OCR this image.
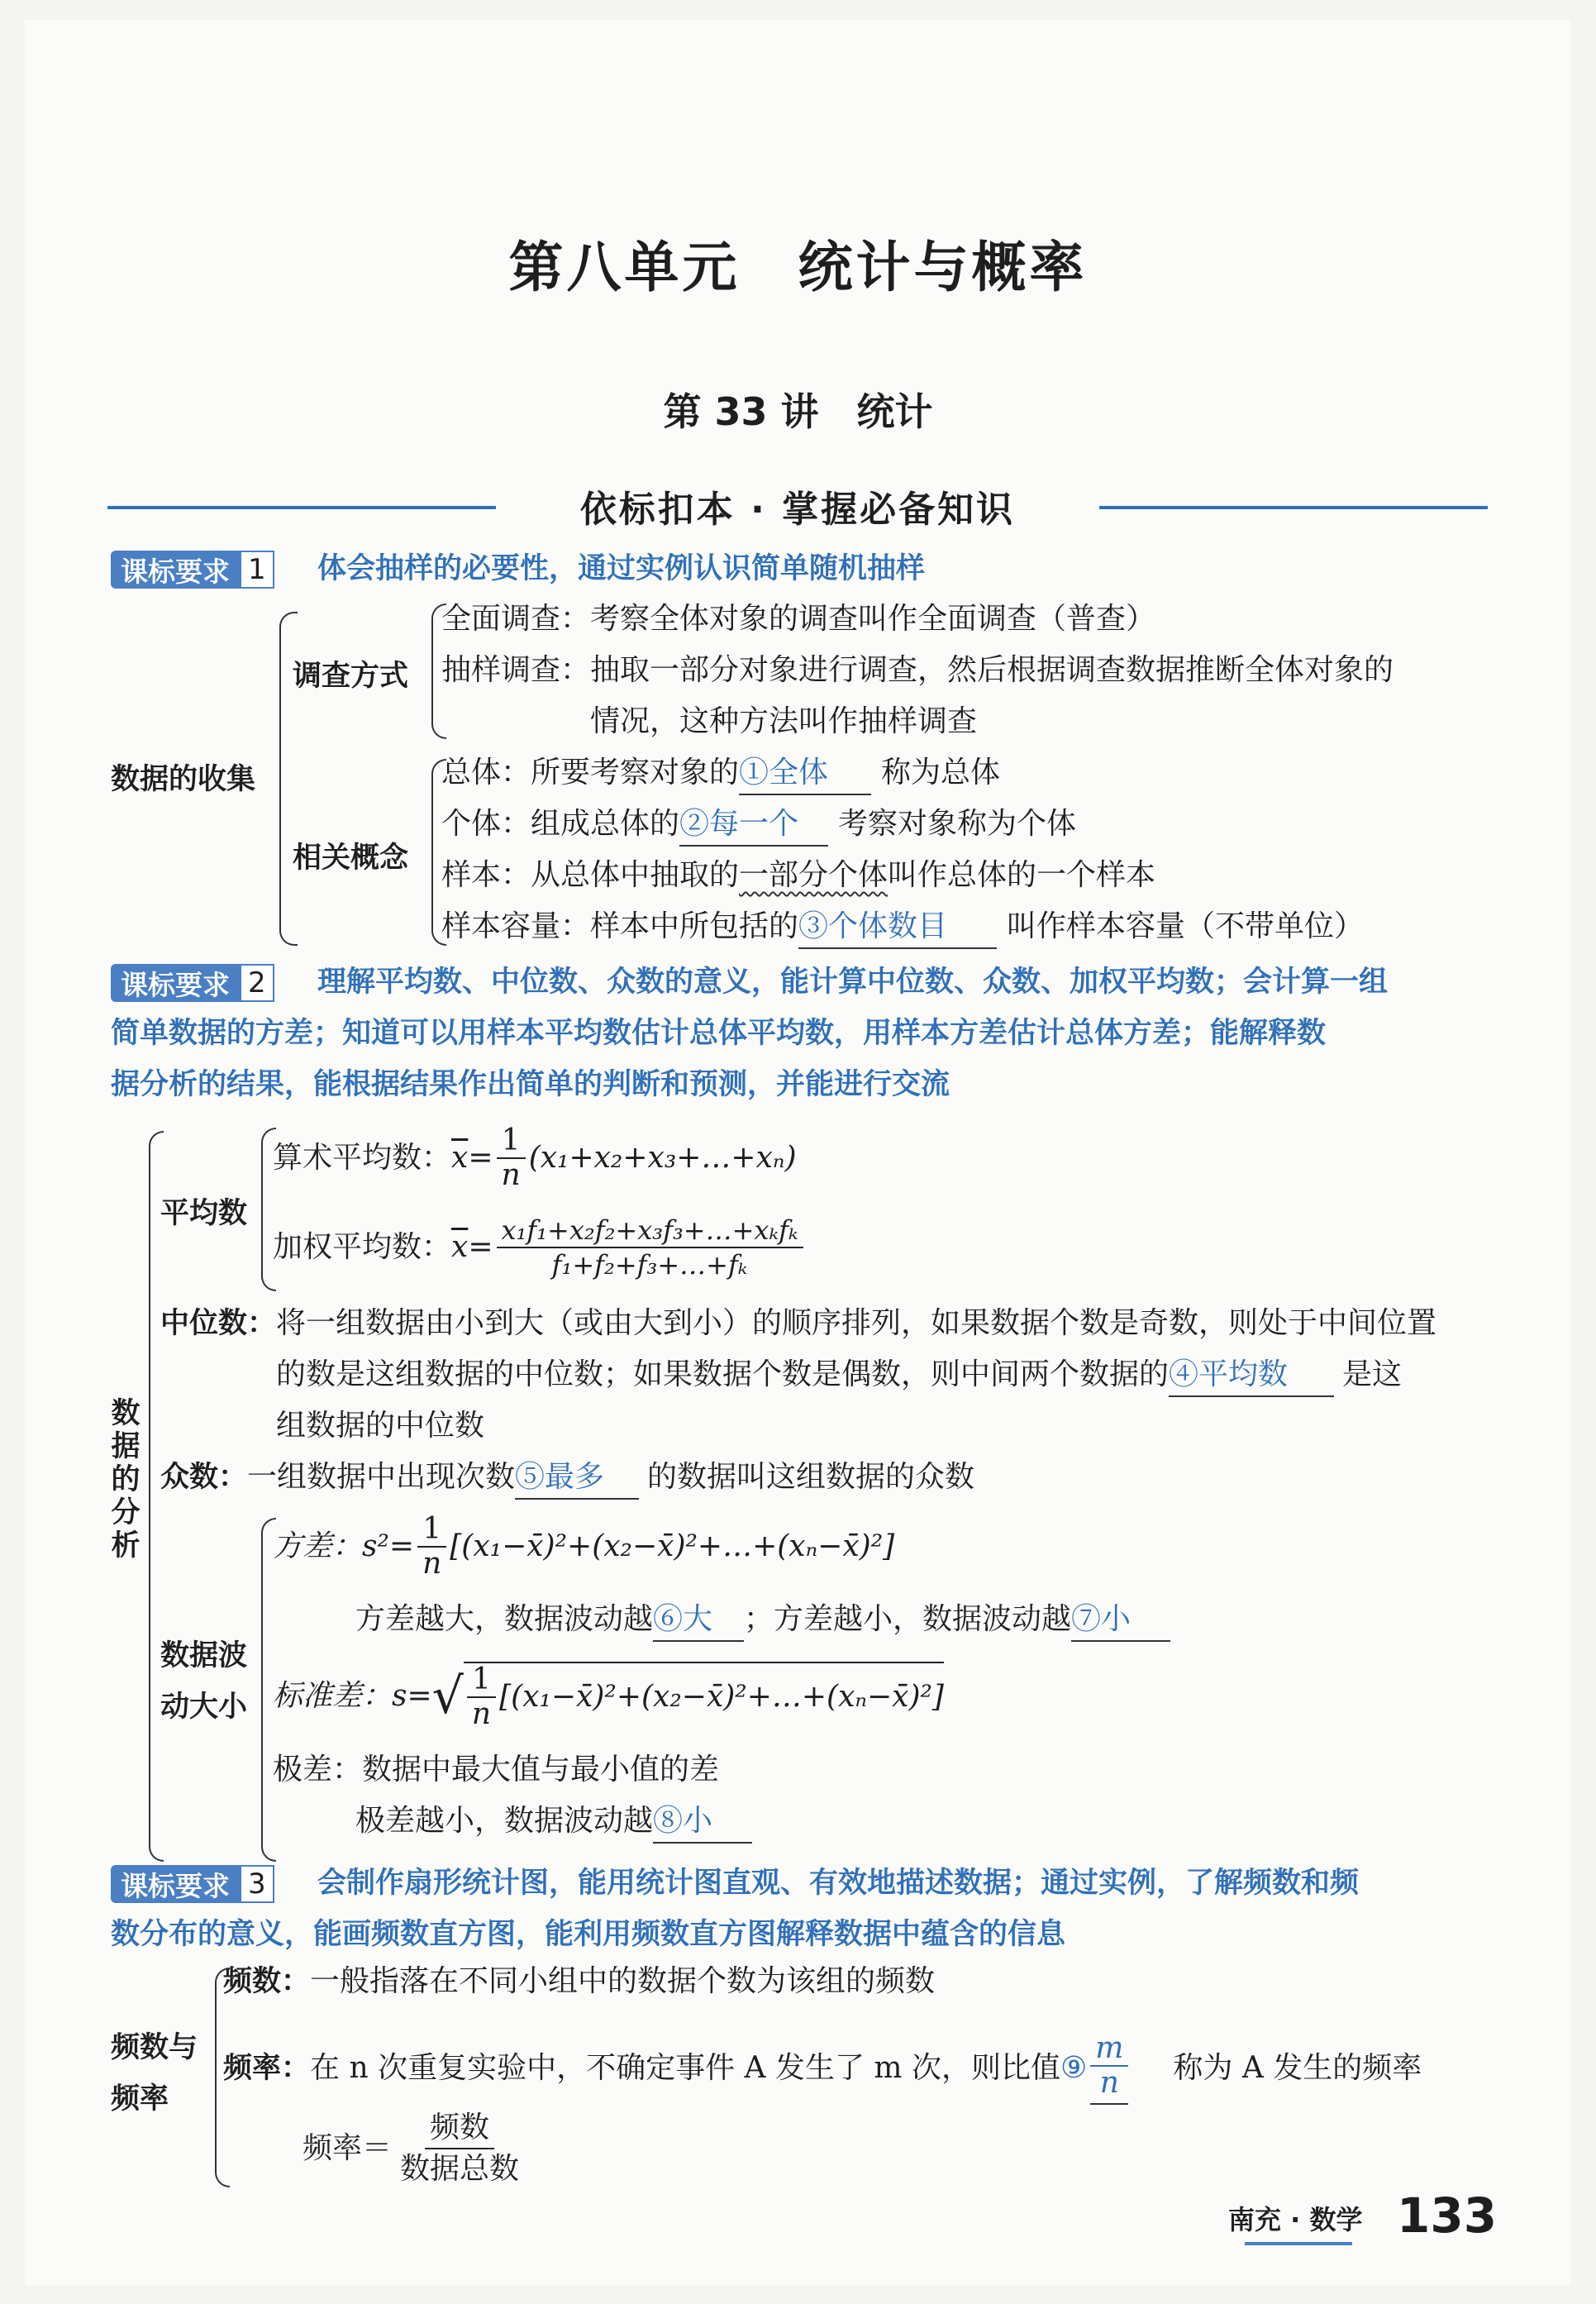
第八单元　统计与概率
第 33 讲　统计
依标扣本 · 掌握必备知识
课标要求 1 体会抽样的必要性，通过实例认识简单随机抽样
数据的收集
调查方式
全面调查：考察全体对象的调查叫作全面调查（普查）
抽样调查：抽取一部分对象进行调查，然后根据调查数据推断全体对象的
情况，这种方法叫作抽样调查
相关概念
总体：所要考察对象的①全体 称为总体
个体：组成总体的②每一个 考察对象称为个体
样本：从总体中抽取的一部分个体叫作总体的一个样本
样本容量：样本中所包括的③个体数目 叫作样本容量（不带单位）
课标要求 2 理解平均数、中位数、众数的意义，能计算中位数、众数、加权平均数；会计算一组
简单数据的方差；知道可以用样本平均数估计总体平均数，用样本方差估计总体方差；能解释数
据分析的结果，能根据结果作出简单的判断和预测，并能进行交流
数
据
的
分
析
平均数
算术平均数： $\overline{x} = \frac{1}{n}$ (x₁+x₂+x₃+…+xₙ)
加权平均数： $\overline{x} = \frac{\text{x₁f₁+x₂f₂+x₃f₃+…+xₖfₖ}}{\text{f₁+f₂+f₃+…+fₖ}}$
中位数：将一组数据由小到大（或由大到小）的顺序排列，如果数据个数是奇数，则处于中间位置
的数是这组数据的中位数；如果数据个数是偶数，则中间两个数据的④平均数 是这
组数据的中位数
众数：一组数据中出现次数⑤最多 的数据叫这组数据的众数
数据波
动大小
方差：$s^2= \frac{1}{n}$ [(x₁−x̄)²+(x₂−x̄)²+…+(xₙ−x̄)²]
方差越大，数据波动越⑥大 ；方差越小，数据波动越⑦小
标准差：s= √ $\frac{1}{n}$ [(x₁−x̄)²+(x₂−x̄)²+…+(xₙ−x̄)²]
极差：数据中最大值与最小值的差
极差越小，数据波动越⑧小
课标要求 3 会制作扇形统计图，能用统计图直观、有效地描述数据；通过实例，了解频数和频
数分布的意义，能画频数直方图，能利用频数直方图解释数据中蕴含的信息
频数与
频率
频数：一般指落在不同小组中的数据个数为该组的频数
频率： 在 n 次重复实验中，不确定事件 A 发生了 m 次，则比值 ⑨ $\frac{m}{n}$	称为 A 发生的频率
频率＝ $\frac{\text{频数}}{\text{数据总数}}$
南充 · 数学 133
